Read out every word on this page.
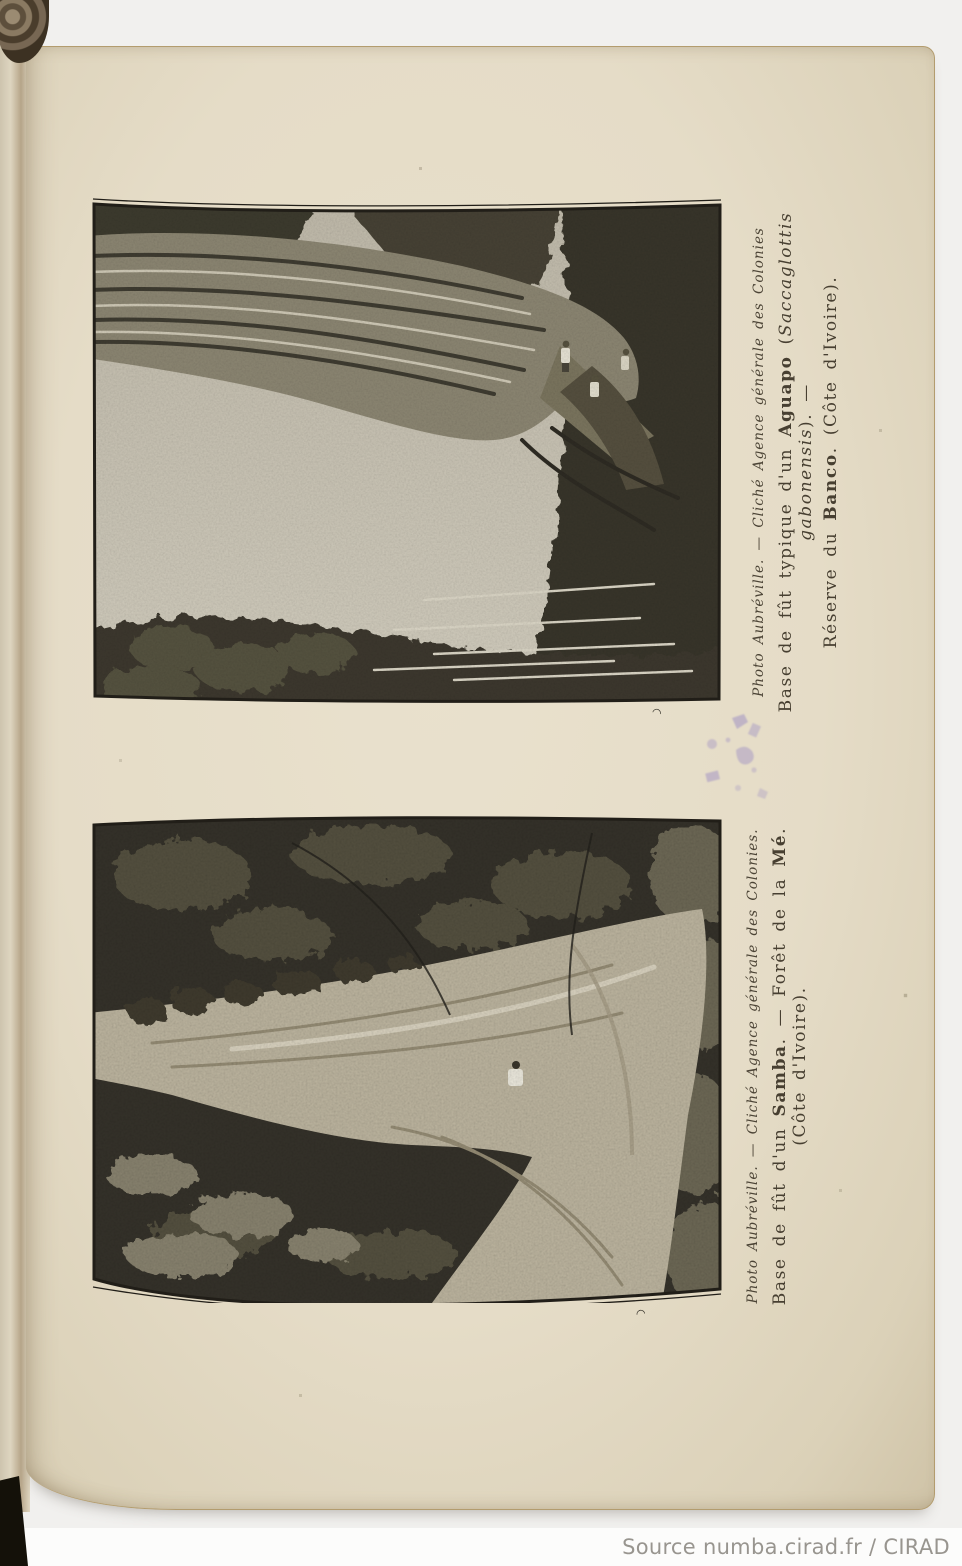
Photo Aubréville. — Cliché Agence générale des Colonies Base de fût typique d'un Aguapo (Saccaglottis gabonensis). —
Réserve du Banco. (Côte d'Ivoire).
◠
Photo Aubréville. — Cliché Agence générale des Colonies. Base de fût d'un Samba. — Forêt de la Mé. (Côte d'Ivoire).
◠
Source numba.cirad.fr / CIRAD
